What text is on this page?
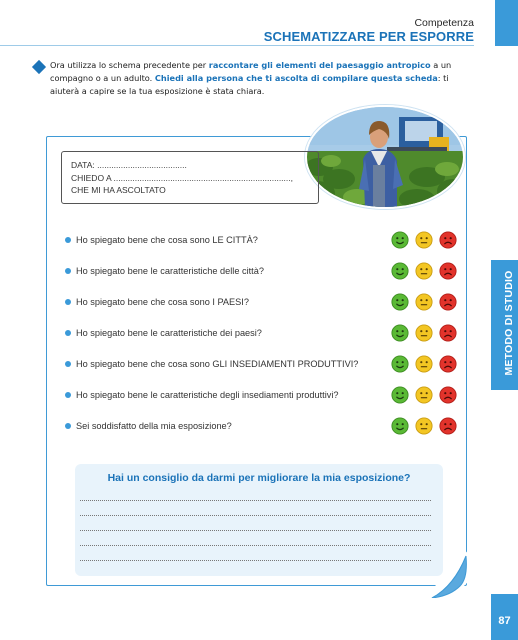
Competenza
SCHEMATIZZARE PER ESPORRE
Ora utilizza lo schema precedente per raccontare gli elementi del paesaggio antropico a un compagno o a un adulto. Chiedi alla persona che ti ascolta di compilare questa scheda: ti aiuterà a capire se la tua esposizione è stata chiara.
DATA: ......................................
CHIEDO A ...........................................................................,
CHE MI HA ASCOLTATO
Ho spiegato bene che cosa sono LE CITTÀ?
Ho spiegato bene le caratteristiche delle città?
Ho spiegato bene che cosa sono I PAESI?
Ho spiegato bene le caratteristiche dei paesi?
Ho spiegato bene che cosa sono GLI INSEDIAMENTI PRODUTTIVI?
Ho spiegato bene le caratteristiche degli insediamenti produttivi?
Sei soddisfatto della mia esposizione?
Hai un consiglio da darmi per migliorare la mia esposizione?
METODO DI STUDIO
87
